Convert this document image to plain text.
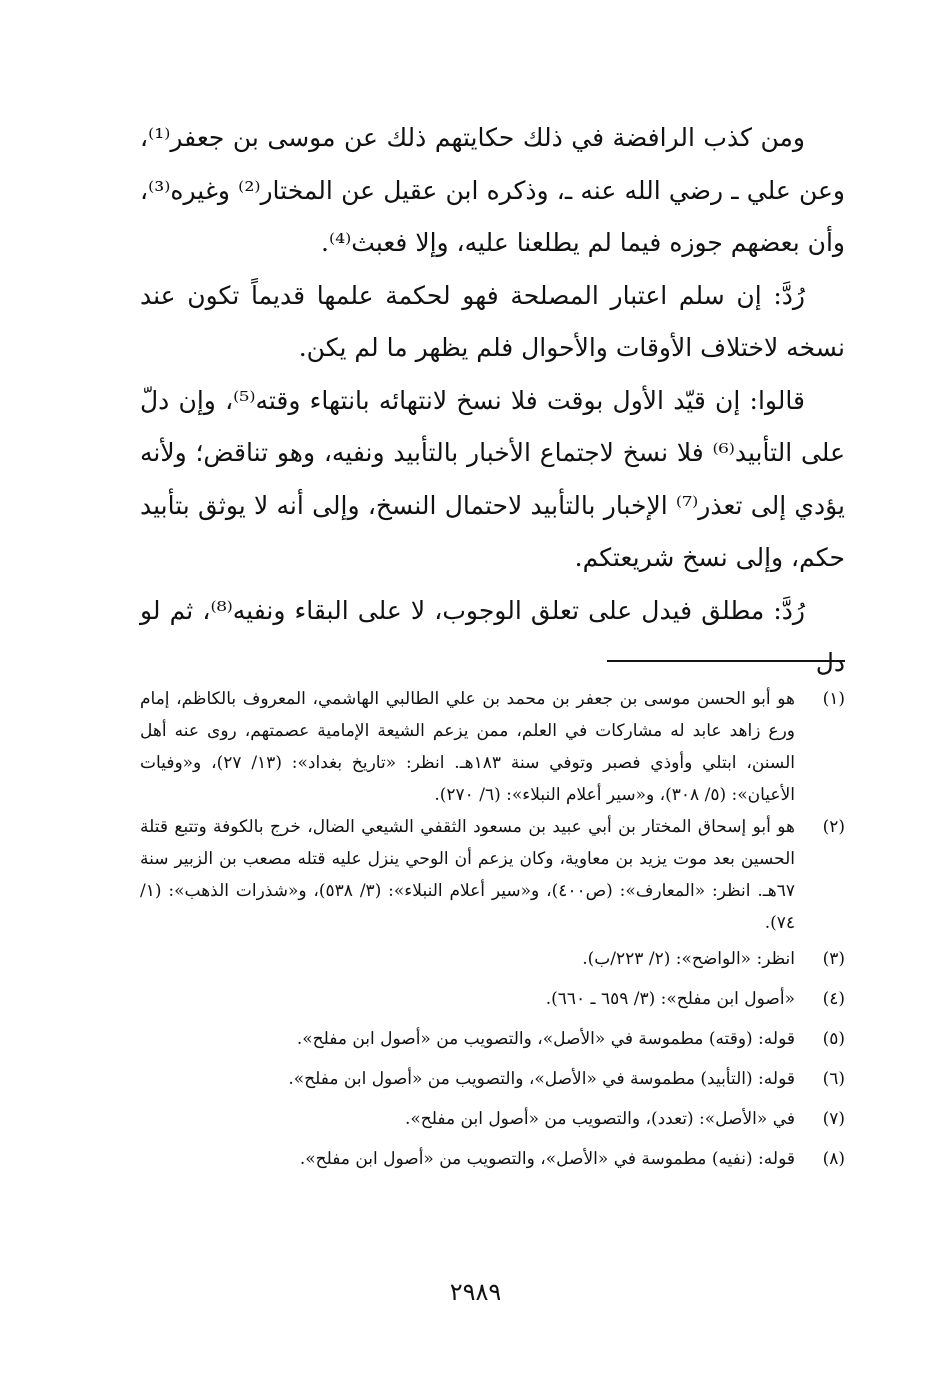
ومن كذب الرافضة في ذلك حكايتهم ذلك عن موسى بن جعفر⁽¹⁾، وعن علي ـ رضي الله عنه ـ، وذكره ابن عقيل عن المختار⁽²⁾ وغيره⁽³⁾، وأن بعضهم جوزه فيما لم يطلعنا عليه، وإلا فعبث⁽⁴⁾.

رُدَّ: إن سلم اعتبار المصلحة فهو لحكمة علمها قديماً تكون عند نسخه لاختلاف الأوقات والأحوال فلم يظهر ما لم يكن.

قالوا: إن قيّد الأول بوقت فلا نسخ لانتهائه بانتهاء وقته⁽⁵⁾، وإن دلّ على التأبيد⁽⁶⁾ فلا نسخ لاجتماع الأخبار بالتأبيد ونفيه، وهو تناقض؛ ولأنه يؤدي إلى تعذر⁽⁷⁾ الإخبار بالتأبيد لاحتمال النسخ، وإلى أنه لا يوثق بتأبيد حكم، وإلى نسخ شريعتكم.

رُدَّ: مطلق فيدل على تعلق الوجوب، لا على البقاء ونفيه⁽⁸⁾، ثم لو دل

(١)
هو أبو الحسن موسى بن جعفر بن محمد بن علي الطالبي الهاشمي، المعروف بالكاظم، إمام ورع زاهد عابد له مشاركات في العلم، ممن يزعم الشيعة الإمامية عصمتهم، روى عنه أهل السنن، ابتلي وأوذي فصبر وتوفي سنة ١٨٣هـ. انظر: «تاريخ بغداد»: (١٣/ ٢٧)، و«وفيات الأعيان»: (٥/ ٣٠٨)، و«سير أعلام النبلاء»: (٦/ ٢٧٠).
(٢)
هو أبو إسحاق المختار بن أبي عبيد بن مسعود الثقفي الشيعي الضال، خرج بالكوفة وتتبع قتلة الحسين بعد موت يزيد بن معاوية، وكان يزعم أن الوحي ينزل عليه قتله مصعب بن الزبير سنة ٦٧هـ. انظر: «المعارف»: (ص٤٠٠)، و«سير أعلام النبلاء»: (٣/ ٥٣٨)، و«شذرات الذهب»: (١/ ٧٤).
(٣)
انظر: «الواضح»: (٢/ ٢٢٣/ب).
(٤)
«أصول ابن مفلح»: (٣/ ٦٥٩ ـ ٦٦٠).
(٥)
قوله: (وقته) مطموسة في «الأصل»، والتصويب من «أصول ابن مفلح».
(٦)
قوله: (التأبيد) مطموسة في «الأصل»، والتصويب من «أصول ابن مفلح».
(٧)
في «الأصل»: (تعدد)، والتصويب من «أصول ابن مفلح».
(٨)
قوله: (نفيه) مطموسة في «الأصل»، والتصويب من «أصول ابن مفلح».
٢٩٨٩
